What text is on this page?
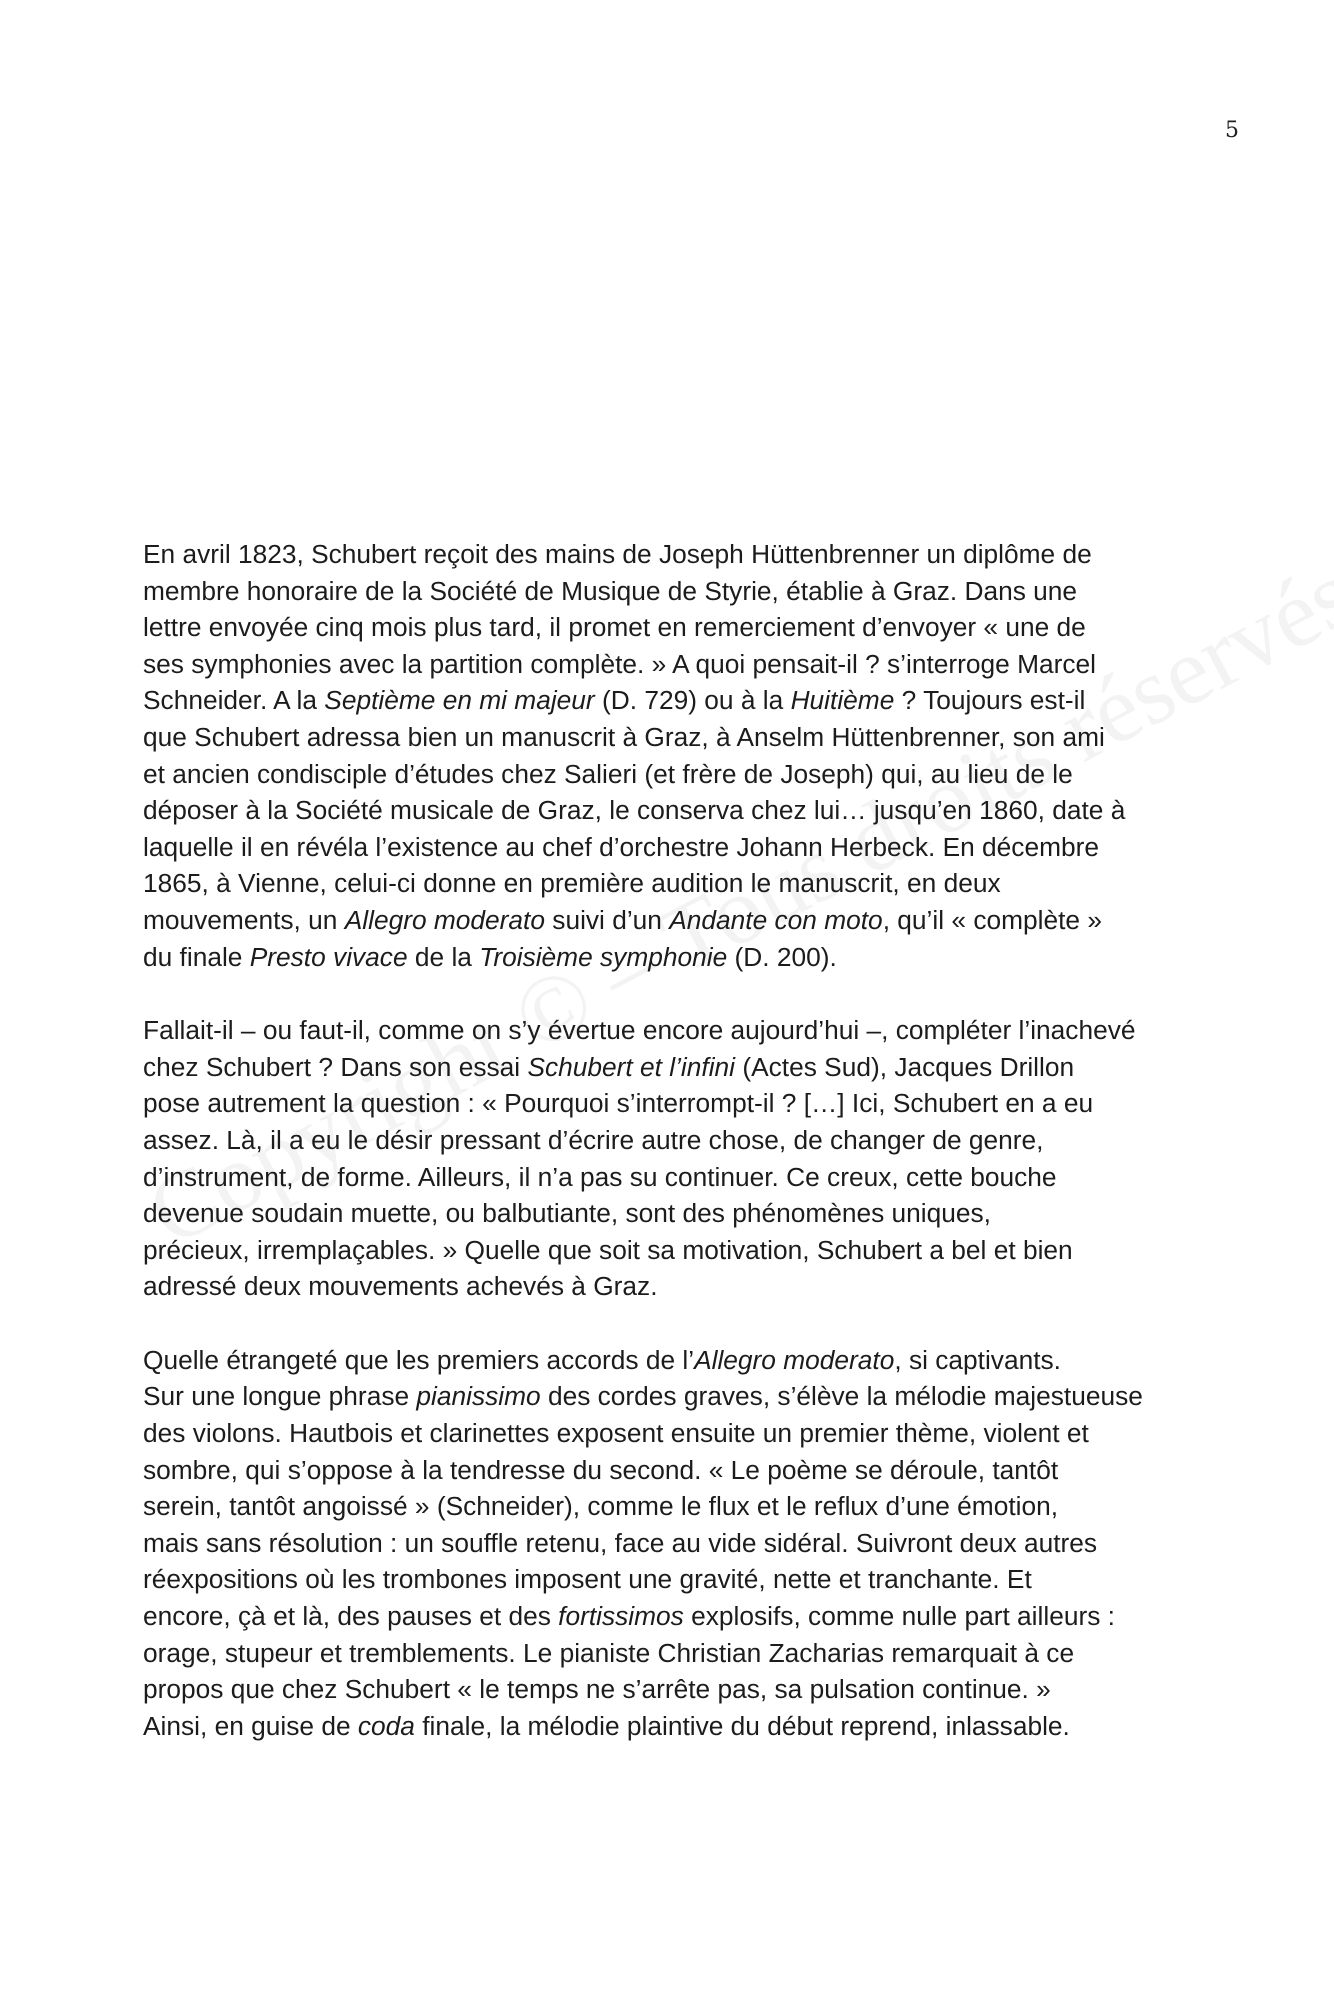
5

En avril 1823, Schubert reçoit des mains de Joseph Hüttenbrenner un diplôme de
membre honoraire de la Société de Musique de Styrie, établie à Graz. Dans une
lettre envoyée cinq mois plus tard, il promet en remerciement d’envoyer « une de
ses symphonies avec la partition complète. » A quoi pensait-il ? s’interroge Marcel
Schneider. A la Septième en mi majeur (D. 729) ou à la Huitième ? Toujours est-il
que Schubert adressa bien un manuscrit à Graz, à Anselm Hüttenbrenner, son ami
et ancien condisciple d’études chez Salieri (et frère de Joseph) qui, au lieu de le
déposer à la Société musicale de Graz, le conserva chez lui… jusqu’en 1860, date à
laquelle il en révéla l’existence au chef d’orchestre Johann Herbeck. En décembre
1865, à Vienne, celui-ci donne en première audition le manuscrit, en deux
mouvements, un Allegro moderato suivi d’un Andante con moto, qu’il « complète »
du finale Presto vivace de la Troisième symphonie (D. 200).

Fallait-il – ou faut-il, comme on s’y évertue encore aujourd’hui –, compléter l’inachevé
chez Schubert ? Dans son essai Schubert et l’infini (Actes Sud), Jacques Drillon
pose autrement la question : « Pourquoi s’interrompt-il ? […] Ici, Schubert en a eu
assez. Là, il a eu le désir pressant d’écrire autre chose, de changer de genre,
d’instrument, de forme. Ailleurs, il n’a pas su continuer. Ce creux, cette bouche
devenue soudain muette, ou balbutiante, sont des phénomènes uniques,
précieux, irremplaçables. » Quelle que soit sa motivation, Schubert a bel et bien
adressé deux mouvements achevés à Graz.

Quelle étrangeté que les premiers accords de l’Allegro moderato, si captivants.
Sur une longue phrase pianissimo des cordes graves, s’élève la mélodie majestueuse
des violons. Hautbois et clarinettes exposent ensuite un premier thème, violent et
sombre, qui s’oppose à la tendresse du second. « Le poème se déroule, tantôt
serein, tantôt angoissé » (Schneider), comme le flux et le reflux d’une émotion,
mais sans résolution : un souffle retenu, face au vide sidéral. Suivront deux autres
réexpositions où les trombones imposent une gravité, nette et tranchante. Et
encore, çà et là, des pauses et des fortissimos explosifs, comme nulle part ailleurs :
orage, stupeur et tremblements. Le pianiste Christian Zacharias remarquait à ce
propos que chez Schubert « le temps ne s’arrête pas, sa pulsation continue. »
Ainsi, en guise de coda finale, la mélodie plaintive du début reprend, inlassable.
